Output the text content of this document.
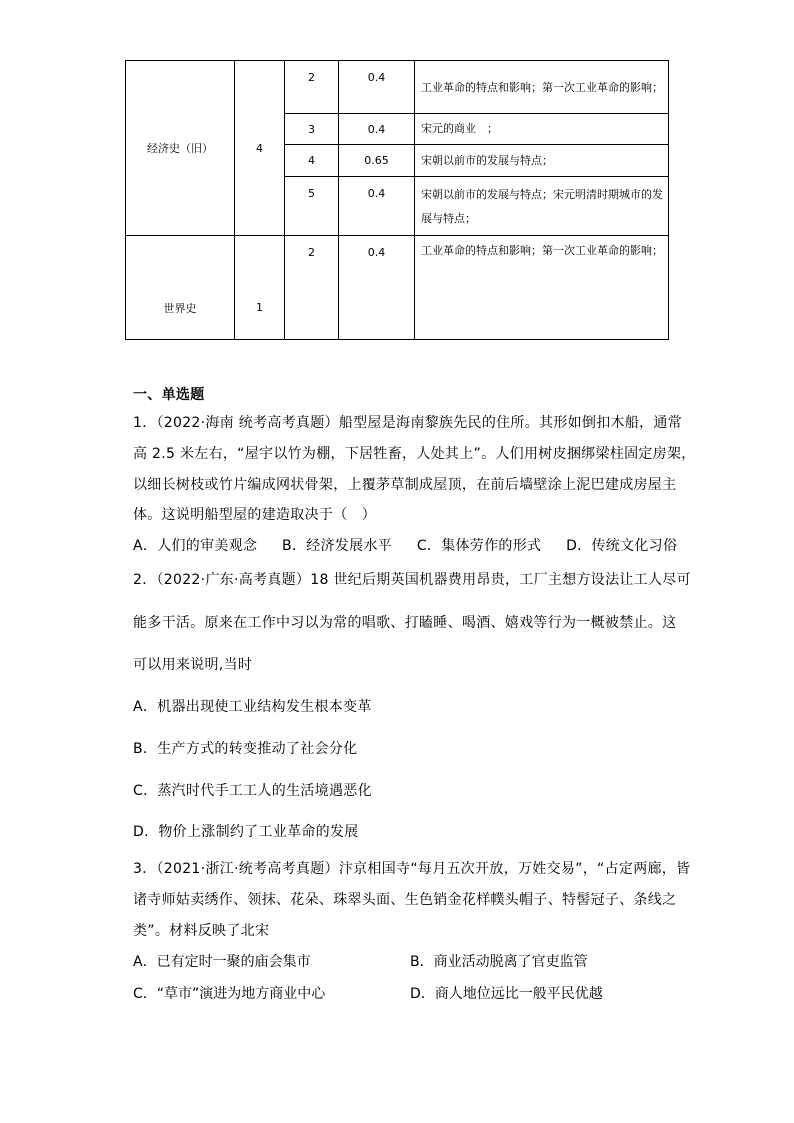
经济史（旧）	4	2	0.4	工业革命的特点和影响；第一次工业革命的影响；
		3	0.4	宋元的商业　；
		4	0.65	宋朝以前市的发展与特点；
		5	0.4	宋朝以前市的发展与特点；宋元明清时期城市的发展与特点；

世界史	1	2	0.4	工业革命的特点和影响；第一次工业革命的影响；
一、单选题
1．（2022·海南 统考高考真题）船型屋是海南黎族先民的住所。其形如倒扣木船，通常
高 2.5 米左右，“屋宇以竹为棚，下居牲畜，人处其上”。人们用树皮捆绑梁柱固定房架，
以细长树枝或竹片编成网状骨架，上覆茅草制成屋顶，在前后墙壁涂上泥巴建成房屋主
体。这说明船型屋的建造取决于（　）
A．人们的审美观念 B．经济发展水平 C．集体劳作的形式 D．传统文化习俗
2．（2022·广东·高考真题）18 世纪后期英国机器费用昂贵，工厂主想方设法让工人尽可
能多干活。原来在工作中习以为常的唱歌、打瞌睡、喝酒、嬉戏等行为一概被禁止。这
可以用来说明,当时
A．机器出现使工业结构发生根本变革
B．生产方式的转变推动了社会分化
C．蒸汽时代手工工人的生活境遇恶化
D．物价上涨制约了工业革命的发展
3．（2021·浙江·统考高考真题）汴京相国寺“每月五次开放，万姓交易”，“占定两廊，皆
诸寺师姑卖绣作、领抹、花朵、珠翠头面、生色销金花样幞头帽子、特髻冠子、条线之
类”。材料反映了北宋
A．已有定时一聚的庙会集市	B．商业活动脱离了官吏监管
C．“草市”演进为地方商业中心	D．商人地位远比一般平民优越
